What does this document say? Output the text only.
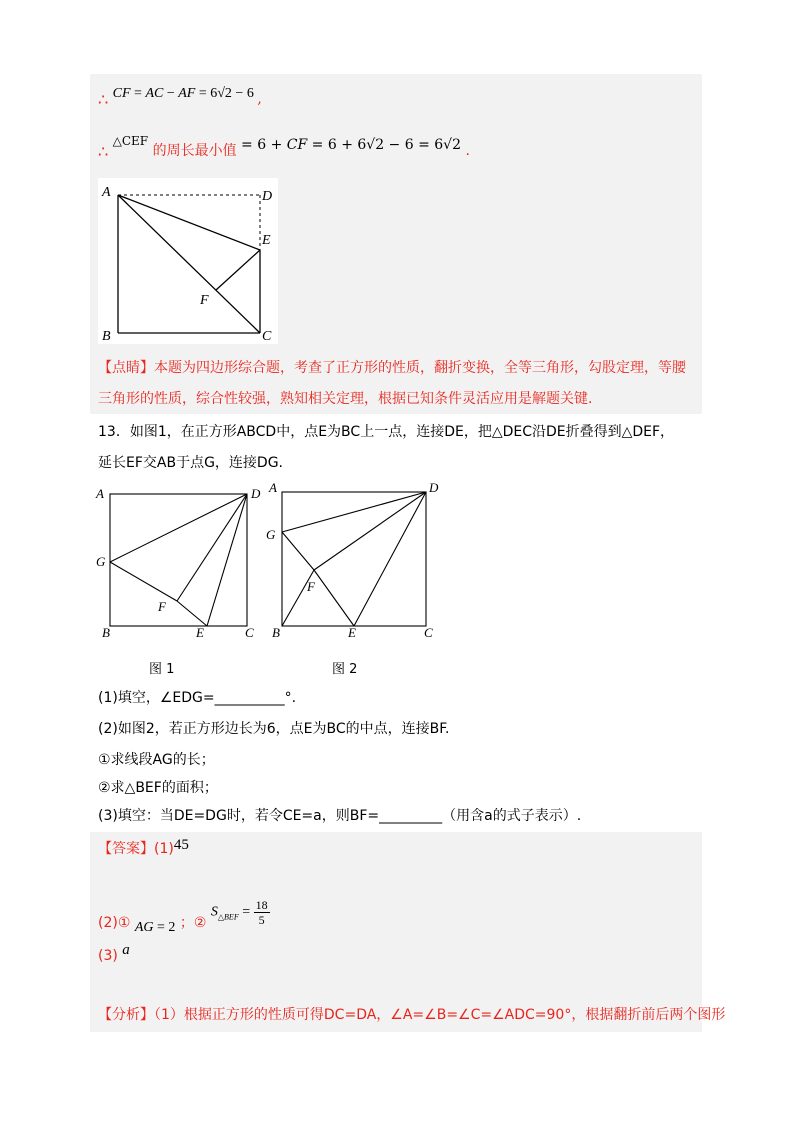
∴ CF = AC − AF = 6√2 − 6 ,
∴ △CEF 的周长最小值 = 6 + CF = 6 + 6√2 − 6 = 6√2 .
A	D
E
F
B	C
【点睛】本题为四边形综合题，考查了正方形的性质，翻折变换，全等三角形，勾股定理，等腰
三角形的性质，综合性较强，熟知相关定理，根据已知条件灵活应用是解题关键.
13．如图1，在正方形ABCD中，点E为BC上一点，连接DE，把△DEC沿DE折叠得到△DEF，
延长EF交AB于点G，连接DG.
A	D
G
F
B	E	C
图 1
A	D
G
F
B	E	C
图 2
(1)填空，∠EDG=__________°.
(2)如图2，若正方形边长为6，点E为BC的中点，连接BF.
①求线段AG的长；
②求△BEF的面积；
(3)填空：当DE=DG时，若令CE=a，则BF=_________（用含a的式子表示）.
【答案】(1)45
(2)① AG = 2 ；② $S_{\triangle BEF} = \frac{18}{5}$
(3) a
【分析】（1）根据正方形的性质可得DC=DA，∠A=∠B=∠C=∠ADC=90°，根据翻折前后两个图形
